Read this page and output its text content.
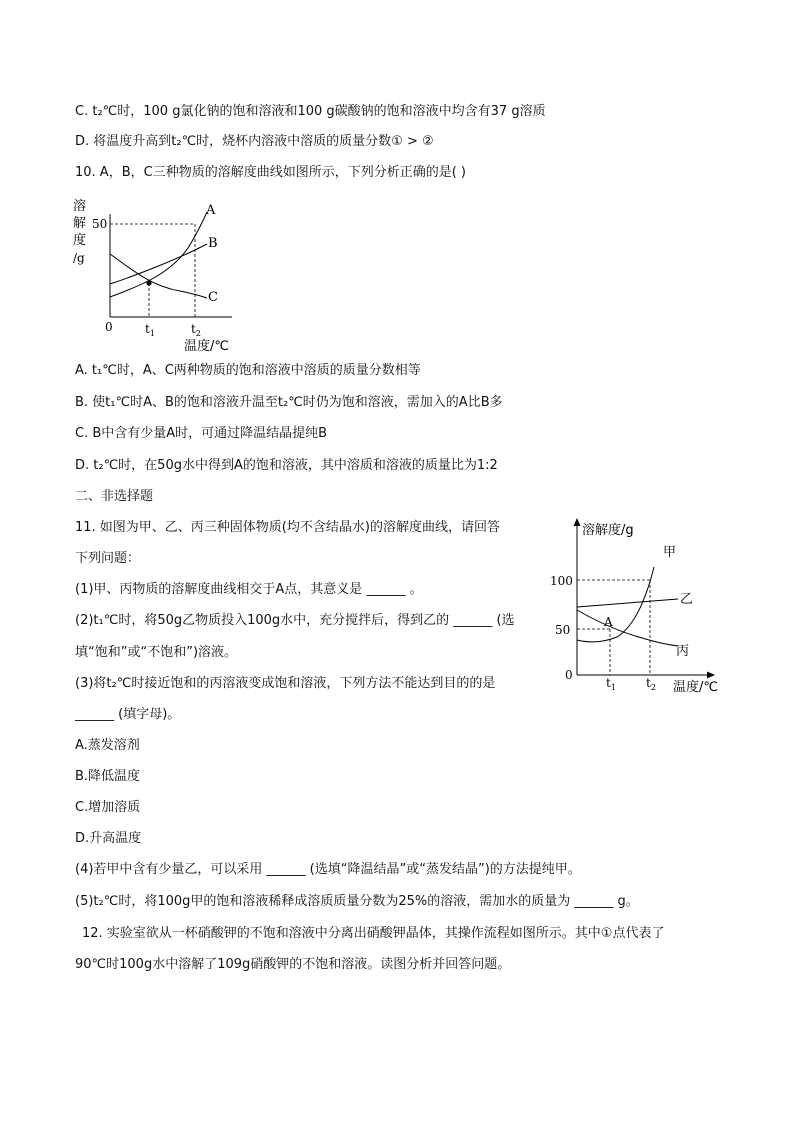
C. t₂℃时，100 g氯化钠的饱和溶液和100 g碳酸钠的饱和溶液中均含有37 g溶质
D. 将温度升高到t₂℃时，烧杯内溶液中溶质的质量分数① > ②
10. A，B，C三种物质的溶解度曲线如图所示，下列分析正确的是( )
溶
解
度
/g
50
A
B
C
0	$t_1$	$t_2$
温度/℃
A. t₁℃时，A、C两种物质的饱和溶液中溶质的质量分数相等
B. 使t₁℃时A、B的饱和溶液升温至t₂℃时仍为饱和溶液，需加入的A比B多
C. B中含有少量A时，可通过降温结晶提纯B
D. t₂℃时，在50g水中得到A的饱和溶液，其中溶质和溶液的质量比为1:2
二、非选择题
11. 如图为甲、乙、丙三种固体物质(均不含结晶水)的溶解度曲线，请回答
下列问题：
(1)甲、丙物质的溶解度曲线相交于A点，其意义是 ______ 。
(2)t₁℃时，将50g乙物质投入100g水中，充分搅拌后，得到乙的 ______ (选
填“饱和”或“不饱和”)溶液。
(3)将t₂℃时接近饱和的丙溶液变成饱和溶液，下列方法不能达到目的的是
______ (填字母)。
A.蒸发溶剂
B.降低温度
C.增加溶质
D.升高温度
(4)若甲中含有少量乙，可以采用 ______ (选填“降温结晶”或“蒸发结晶”)的方法提纯甲。
(5)t₂℃时，将100g甲的饱和溶液稀释成溶质质量分数为25%的溶液，需加水的质量为 ______ g。
溶解度/g
100
50
0
A
甲
乙
丙
$t_1$	$t_2$ 温度/℃
12. 实验室欲从一杯硝酸钾的不饱和溶液中分离出硝酸钾晶体，其操作流程如图所示。其中①点代表了
90℃时100g水中溶解了109g硝酸钾的不饱和溶液。读图分析并回答问题。
